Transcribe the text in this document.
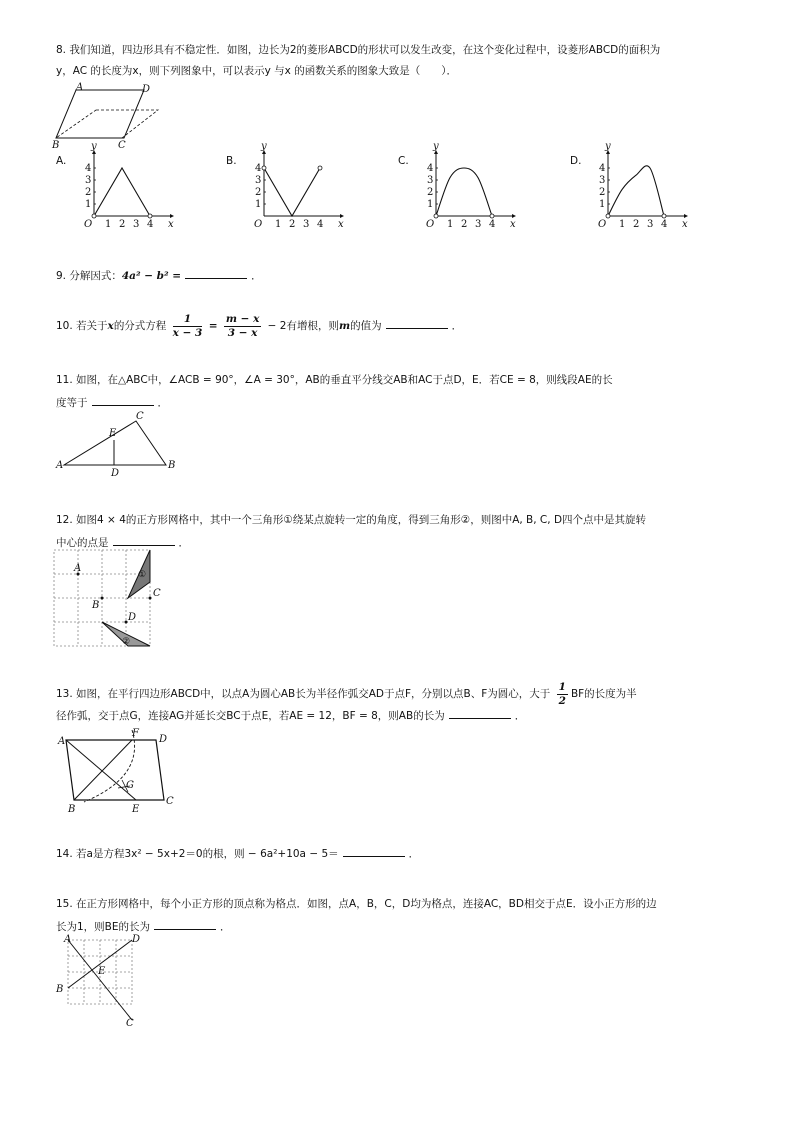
8. 我们知道，四边形具有不稳定性．如图，边长为2的菱形ABCD的形状可以发生改变，在这个变化过程中，设菱形ABCD的面积为
y，AC 的长度为x，则下列图象中，可以表示y 与x 的函数关系的图象大致是（　　）．
A	D
B	C
A.
4
3
2
1
1 2 3 4
O	x
y
B.
4
3
2
1
1 2 3 4
O	x
y
C.
4
3
2
1
1 2 3 4
O	x
y
D.
4
3
2
1
1 2 3 4
O	x
y
9. 分解因式：4a² − b² =	．
10. 若关于x的分式方程 $\frac{1}{x - 3} = \frac{m - x}{3 - x} - 2$有增根，则m的值为	．
11. 如图，在△ABC中，∠ACB = 90°，∠A = 30°，AB的垂直平分线交AB和AC于点D，E．若CE = 8，则线段AE的长
度等于	．
C
E
A
D
B
12. 如图4 × 4的正方形网格中，其中一个三角形①绕某点旋转一定的角度，得到三角形②，则图中A, B, C, D四个点中是其旋转
中心的点是	．
A
B
C
D
①
②
13. 如图，在平行四边形ABCD中，以点A为圆心AB长为半径作弧交AD于点F，分别以点B、F为圆心，大于 $\frac{1}{2}$ BF的长度为半
径作弧，交于点G，连接AG并延长交BC于点E，若AE = 12，BF = 8，则AB的长为	．
A
F
D
G
B	E
C
14. 若a是方程3x² − 5x+2＝0的根，则 − 6a²+10a − 5＝	．
15. 在正方形网格中，每个小正方形的顶点称为格点．如图，点A，B，C，D均为格点，连接AC，BD相交于点E．设小正方形的边
长为1，则BE的长为	．
A	D
E
B
C
